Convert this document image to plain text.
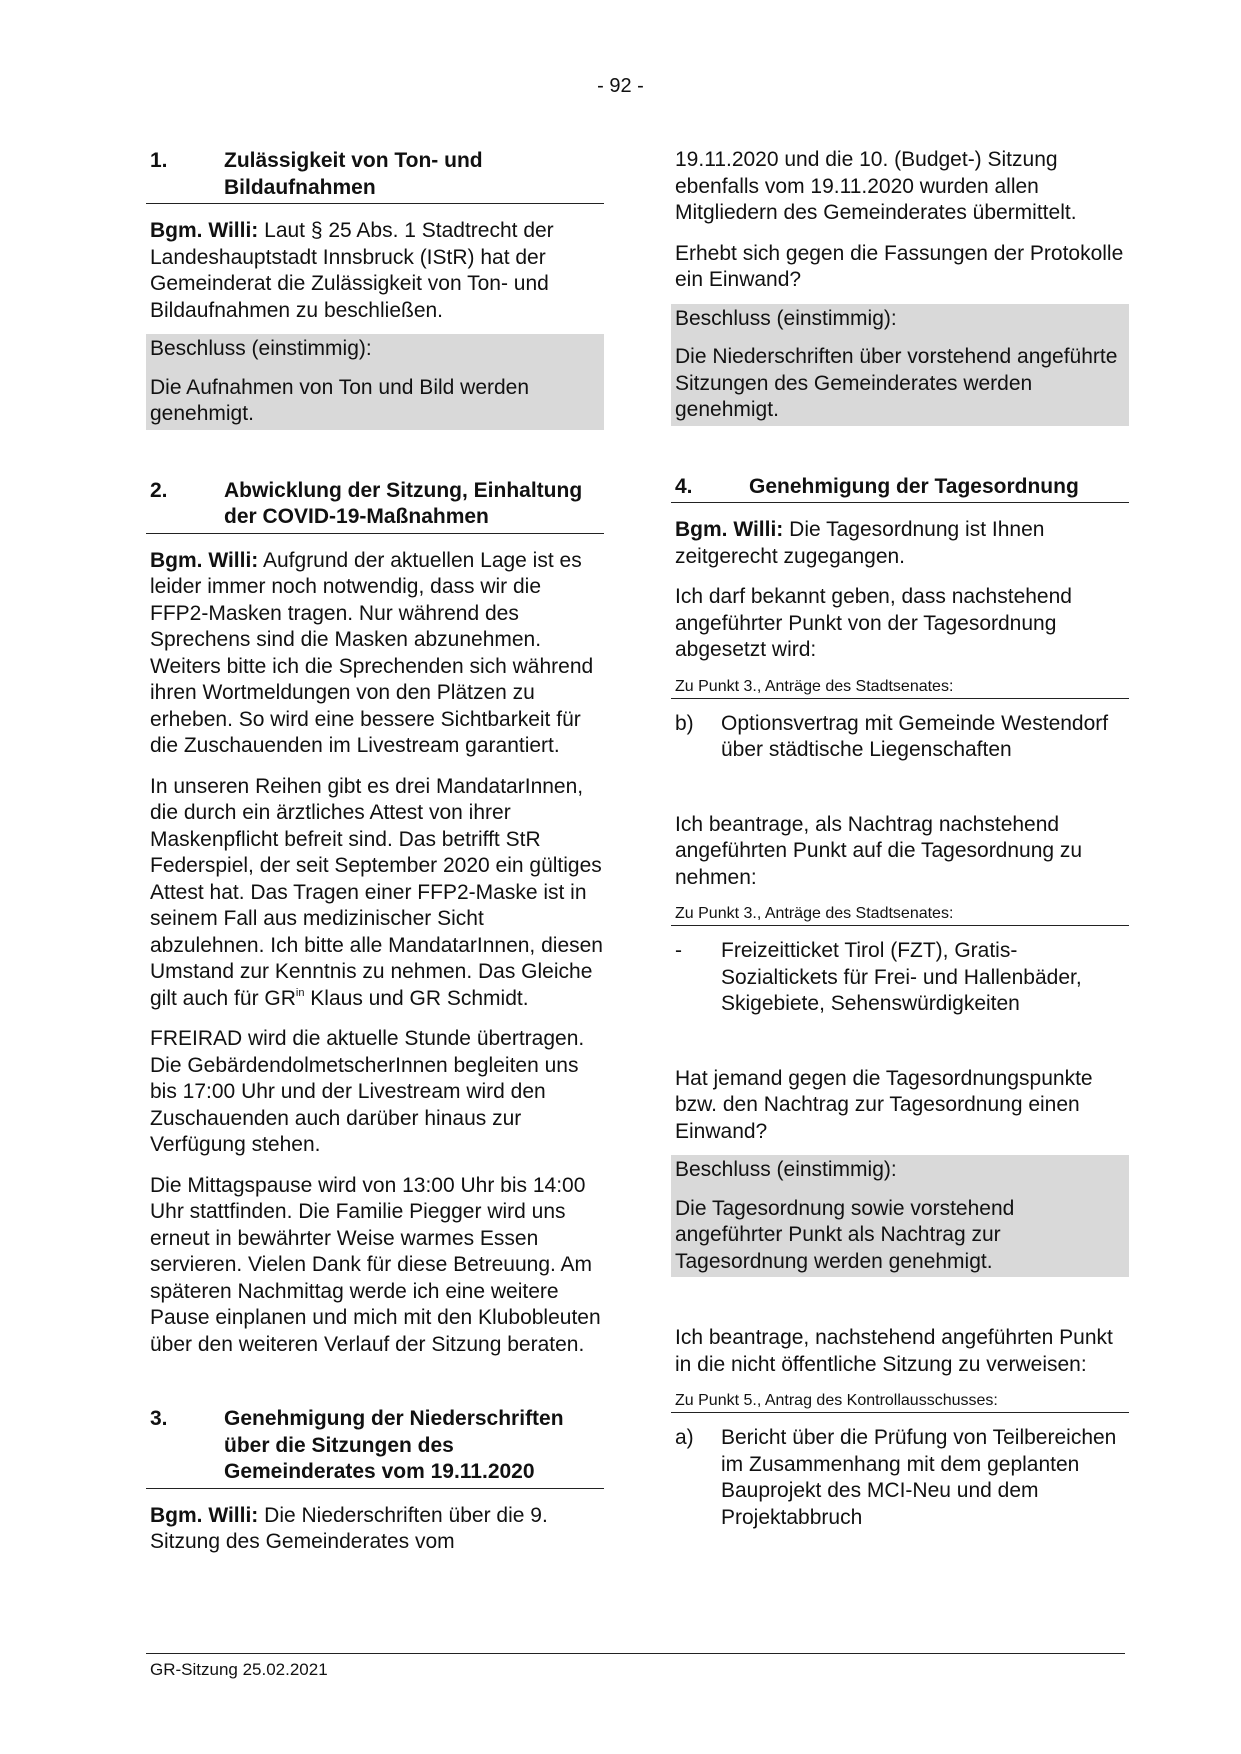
- 92 -
1.	Zulässigkeit von Ton- und Bildaufnahmen

Bgm. Willi: Laut § 25 Abs. 1 Stadtrecht der Landeshauptstadt Innsbruck (IStR) hat der Gemeinderat die Zulässigkeit von Ton- und Bildaufnahmen zu beschließen.

Beschluss (einstimmig):
Die Aufnahmen von Ton und Bild werden genehmigt.
2.	Abwicklung der Sitzung, Einhaltung der COVID-19-Maßnahmen

Bgm. Willi: Aufgrund der aktuellen Lage ist es leider immer noch notwendig, dass wir die FFP2-Masken tragen. Nur während des Sprechens sind die Masken abzunehmen. Weiters bitte ich die Sprechenden sich während ihren Wortmeldungen von den Plätzen zu erheben. So wird eine bessere Sichtbarkeit für die Zuschauenden im Livestream garantiert.

In unseren Reihen gibt es drei MandatarInnen, die durch ein ärztliches Attest von ihrer Maskenpflicht befreit sind. Das betrifft StR Federspiel, der seit September 2020 ein gültiges Attest hat. Das Tragen einer FFP2-Maske ist in seinem Fall aus medizinischer Sicht abzulehnen. Ich bitte alle MandatarInnen, diesen Umstand zur Kenntnis zu nehmen. Das Gleiche gilt auch für $GR^{in}$ Klaus und GR Schmidt.

FREIRAD wird die aktuelle Stunde übertragen. Die GebärdendolmetscherInnen begleiten uns bis 17:00 Uhr und der Livestream wird den Zuschauenden auch darüber hinaus zur Verfügung stehen.

Die Mittagspause wird von 13:00 Uhr bis 14:00 Uhr stattfinden. Die Familie Piegger wird uns erneut in bewährter Weise warmes Essen servieren. Vielen Dank für diese Betreuung. Am späteren Nachmittag werde ich eine weitere Pause einplanen und mich mit den Klubobleuten über den weiteren Verlauf der Sitzung beraten.

3.	Genehmigung der Niederschriften über die Sitzungen des Gemeinderates vom 19.11.2020

Bgm. Willi: Die Niederschriften über die 9. Sitzung des Gemeinderates vom

19.11.2020 und die 10. (Budget-) Sitzung ebenfalls vom 19.11.2020 wurden allen Mitgliedern des Gemeinderates übermittelt.

Erhebt sich gegen die Fassungen der Protokolle ein Einwand?

Beschluss (einstimmig):
Die Niederschriften über vorstehend angeführte Sitzungen des Gemeinderates werden genehmigt.
4.	Genehmigung der Tagesordnung

Bgm. Willi: Die Tagesordnung ist Ihnen zeitgerecht zugegangen.

Ich darf bekannt geben, dass nachstehend angeführter Punkt von der Tagesordnung abgesetzt wird:

Zu Punkt 3., Anträge des Stadtsenates:
b)	Optionsvertrag mit Gemeinde Westendorf über städtische Liegenschaften

Ich beantrage, als Nachtrag nachstehend angeführten Punkt auf die Tagesordnung zu nehmen:

Zu Punkt 3., Anträge des Stadtsenates:
-	Freizeitticket Tirol (FZT), Gratis-Sozialtickets für Frei- und Hallenbäder, Skigebiete, Sehenswürdigkeiten

Hat jemand gegen die Tagesordnungspunkte bzw. den Nachtrag zur Tagesordnung einen Einwand?

Beschluss (einstimmig):
Die Tagesordnung sowie vorstehend angeführter Punkt als Nachtrag zur Tagesordnung werden genehmigt.

Ich beantrage, nachstehend angeführten Punkt in die nicht öffentliche Sitzung zu verweisen:

Zu Punkt 5., Antrag des Kontrollausschusses:
a)	Bericht über die Prüfung von Teilbereichen im Zusammenhang mit dem geplanten Bauprojekt des MCI-Neu und dem Projektabbruch
GR-Sitzung 25.02.2021
